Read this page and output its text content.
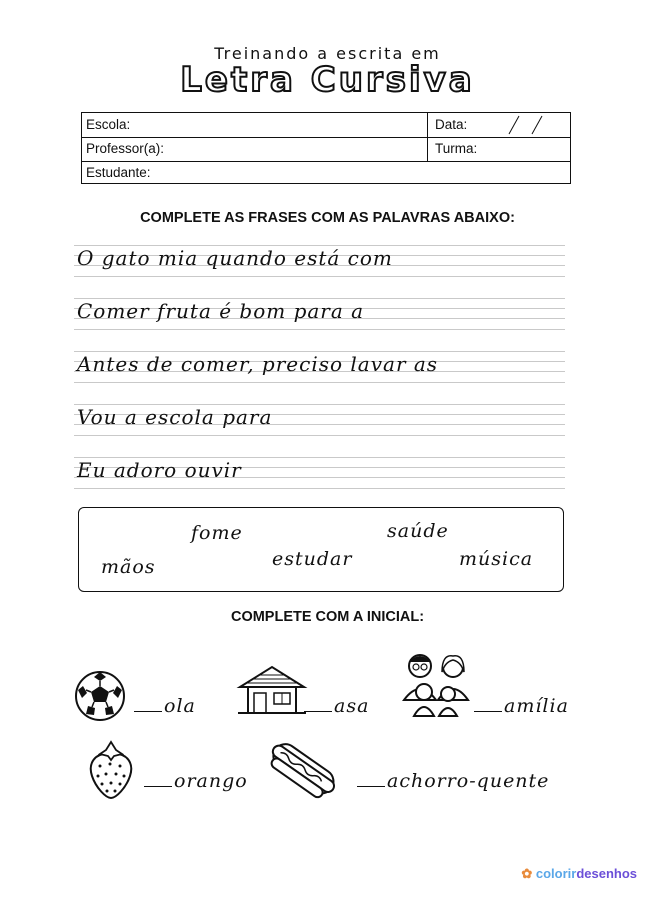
Treinando a escrita em
Letra Cursiva
Escola:	Data:
Professor(a):	Turma:
Estudante:
COMPLETE AS FRASES COM AS PALAVRAS ABAIXO:
O gato mia quando está com
Comer fruta é bom para a
Antes de comer, preciso lavar as
Vou a escola para
Eu adoro ouvir
fome	saúde
mãos	estudar	música
COMPLETE COM A INICIAL:
ola	asa	amília
orango	achorro-quente
✿ colorirdesenhos
